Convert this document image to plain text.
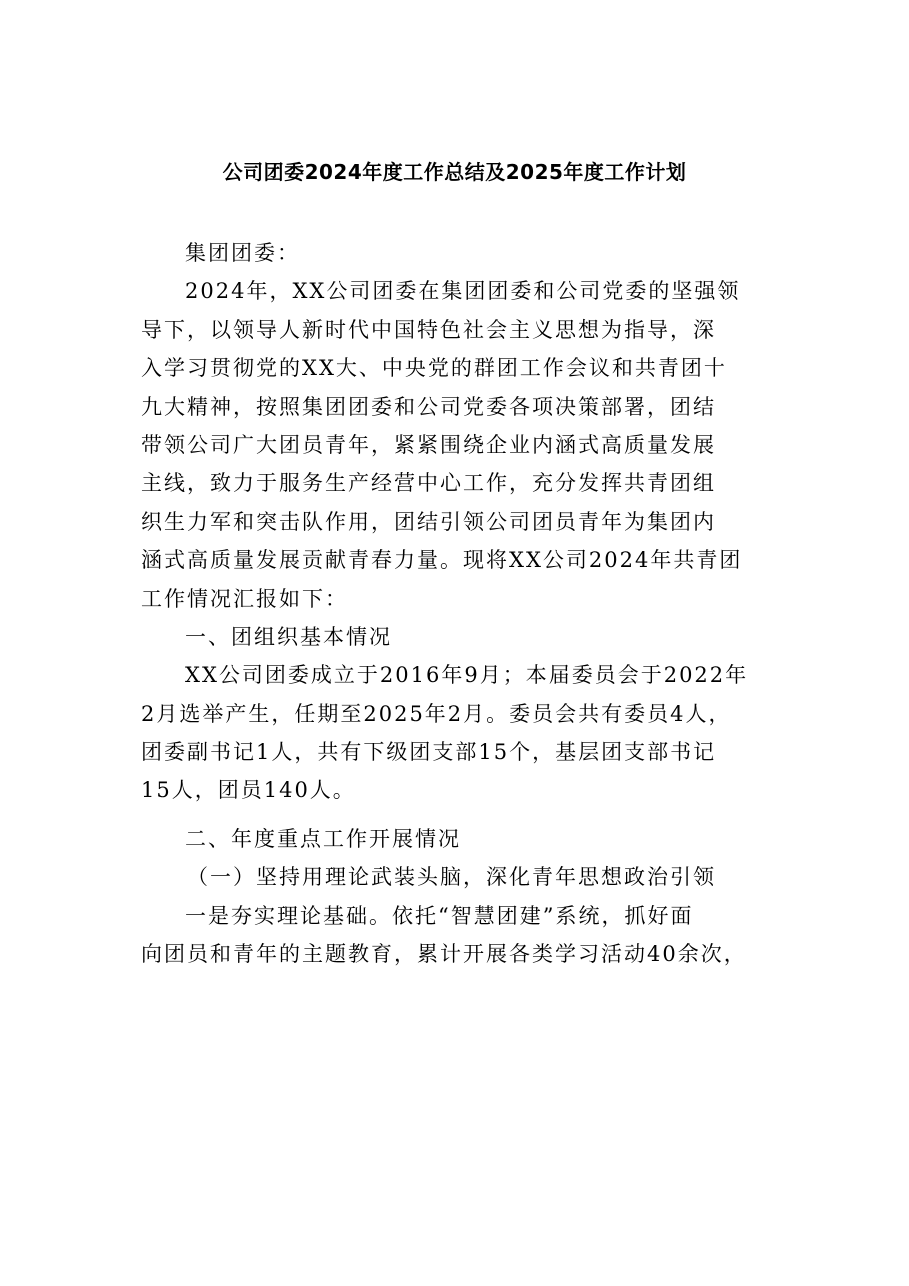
公司团委2024年度工作总结及2025年度工作计划
集团团委：
2024年，XX公司团委在集团团委和公司党委的坚强领
导下，以领导人新时代中国特色社会主义思想为指导，深
入学习贯彻党的XX大、中央党的群团工作会议和共青团十
九大精神，按照集团团委和公司党委各项决策部署，团结
带领公司广大团员青年，紧紧围绕企业内涵式高质量发展
主线，致力于服务生产经营中心工作，充分发挥共青团组
织生力军和突击队作用，团结引领公司团员青年为集团内
涵式高质量发展贡献青春力量。现将XX公司2024年共青团
工作情况汇报如下：
一、团组织基本情况
XX公司团委成立于2016年9月；本届委员会于2022年
2月选举产生，任期至2025年2月。委员会共有委员4人，
团委副书记1人，共有下级团支部15个，基层团支部书记
15人，团员140人。
二、年度重点工作开展情况
（一）坚持用理论武装头脑，深化青年思想政治引领
一是夯实理论基础。依托“智慧团建”系统，抓好面
向团员和青年的主题教育，累计开展各类学习活动40余次，
